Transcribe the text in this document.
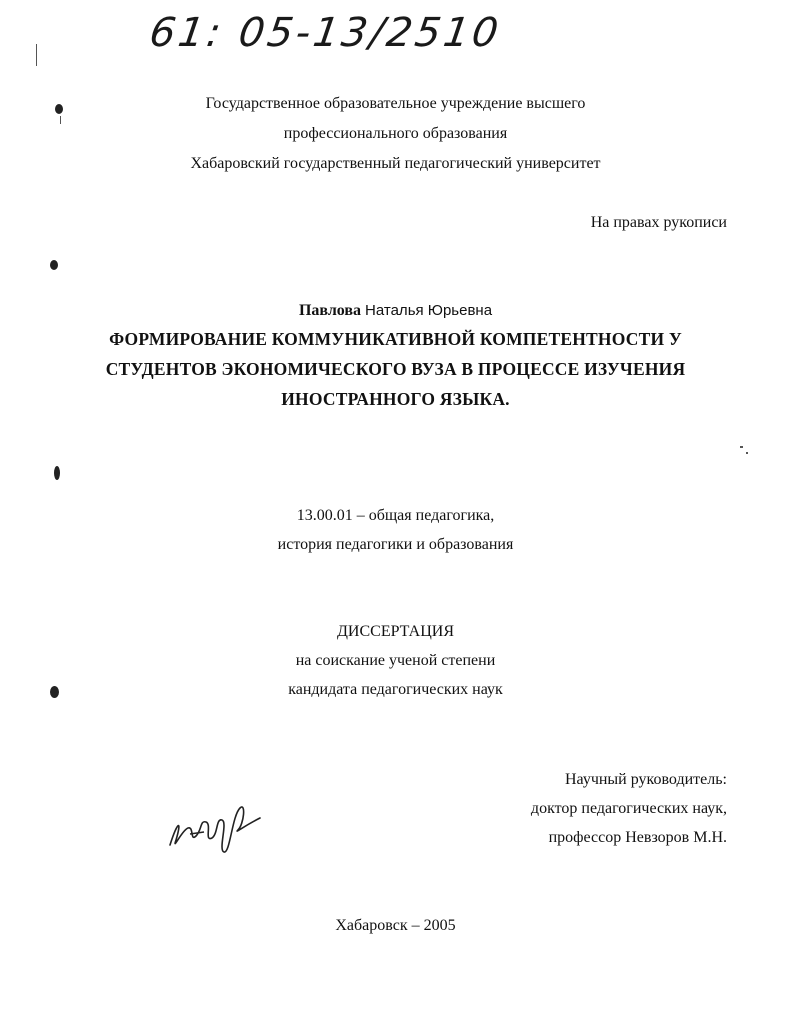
61: 05-13/2510
Государственное образовательное учреждение высшего
профессионального образования
Хабаровский государственный педагогический университет
На правах рукописи
Павлова Наталья Юрьевна
ФОРМИРОВАНИЕ КОММУНИКАТИВНОЙ КОМПЕТЕНТНОСТИ У
СТУДЕНТОВ ЭКОНОМИЧЕСКОГО ВУЗА В ПРОЦЕССЕ ИЗУЧЕНИЯ
ИНОСТРАННОГО ЯЗЫКА.
13.00.01 – общая педагогика,
история педагогики и образования
ДИССЕРТАЦИЯ
на соискание ученой степени
кандидата педагогических наук
Научный руководитель:
доктор педагогических наук,
профессор Невзоров М.Н.
Хабаровск – 2005
